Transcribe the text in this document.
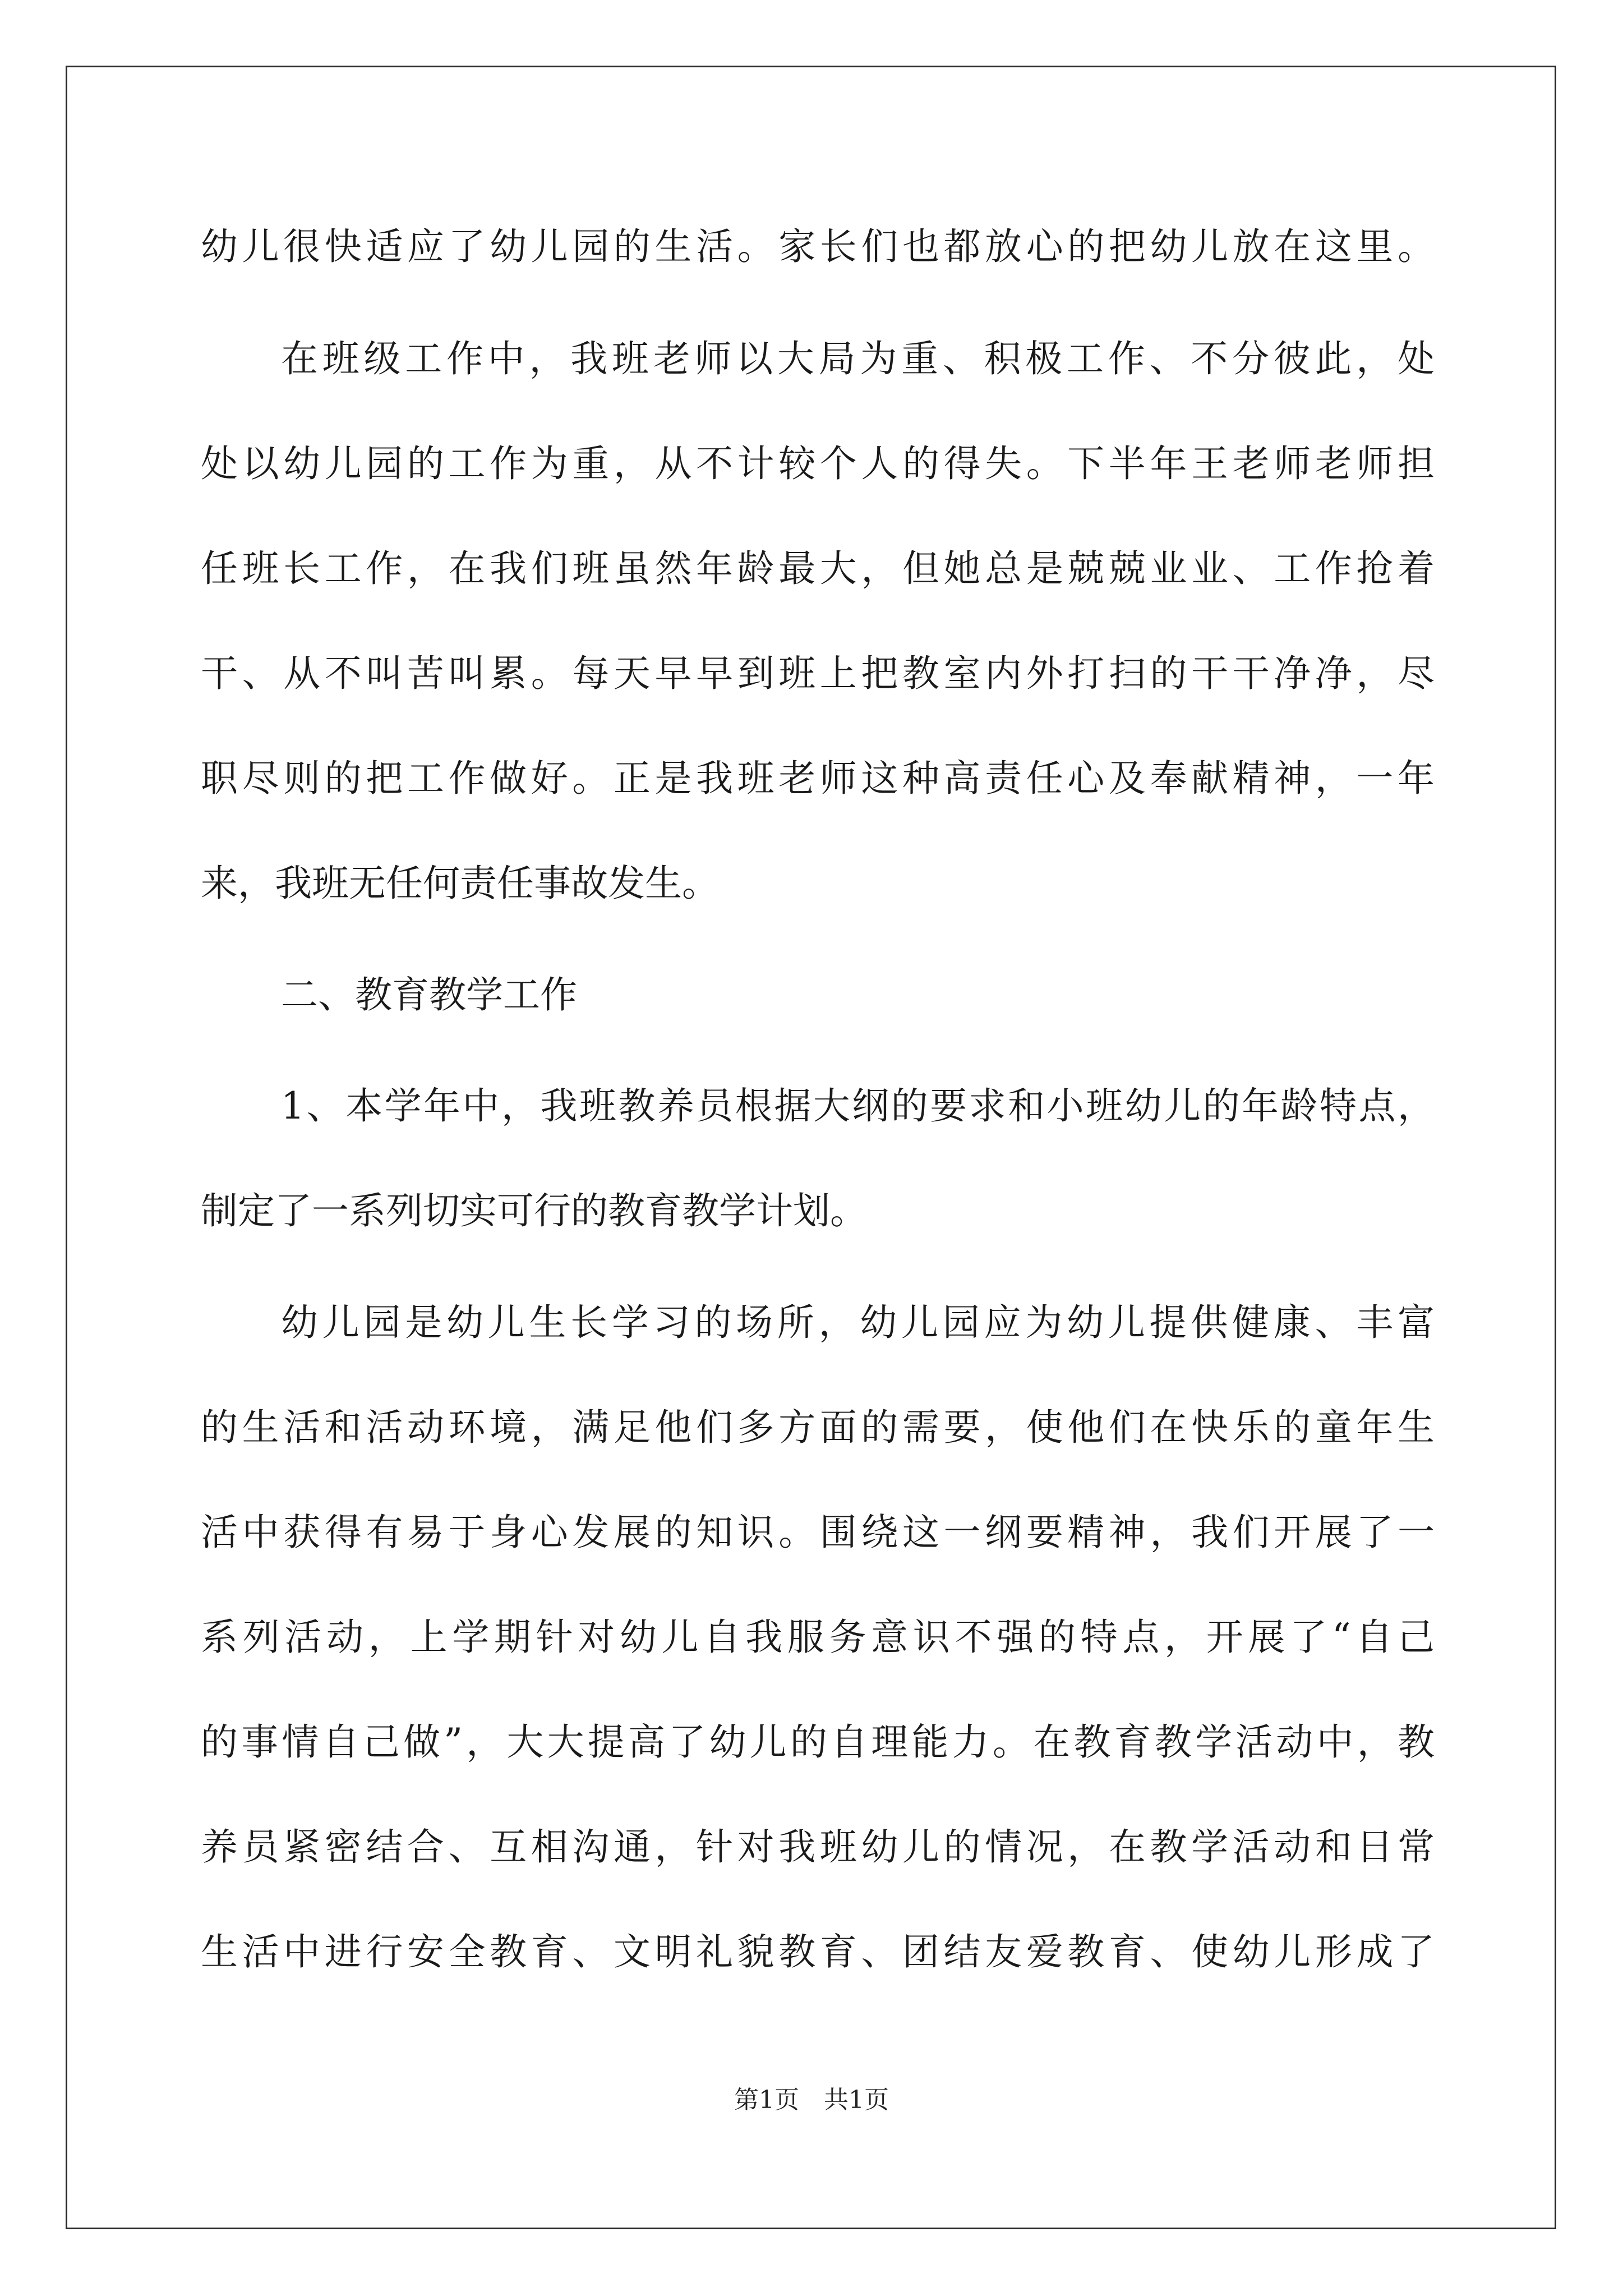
幼儿很快适应了幼儿园的生活。家长们也都放心的把幼儿放在这里。
在班级工作中，我班老师以大局为重、积极工作、不分彼此，处
处以幼儿园的工作为重，从不计较个人的得失。下半年王老师老师担
任班长工作，在我们班虽然年龄最大，但她总是兢兢业业、工作抢着
干、从不叫苦叫累。每天早早到班上把教室内外打扫的干干净净，尽
职尽则的把工作做好。正是我班老师这种高责任心及奉献精神，一年
来，我班无任何责任事故发生。
二、教育教学工作
1、本学年中，我班教养员根据大纲的要求和小班幼儿的年龄特点，
制定了一系列切实可行的教育教学计划。
幼儿园是幼儿生长学习的场所，幼儿园应为幼儿提供健康、丰富
的生活和活动环境，满足他们多方面的需要，使他们在快乐的童年生
活中获得有易于身心发展的知识。围绕这一纲要精神，我们开展了一
系列活动，上学期针对幼儿自我服务意识不强的特点，开展了“自己
的事情自己做”，大大提高了幼儿的自理能力。在教育教学活动中，教
养员紧密结合、互相沟通，针对我班幼儿的情况，在教学活动和日常
生活中进行安全教育、文明礼貌教育、团结友爱教育、使幼儿形成了
第1页　共1页
